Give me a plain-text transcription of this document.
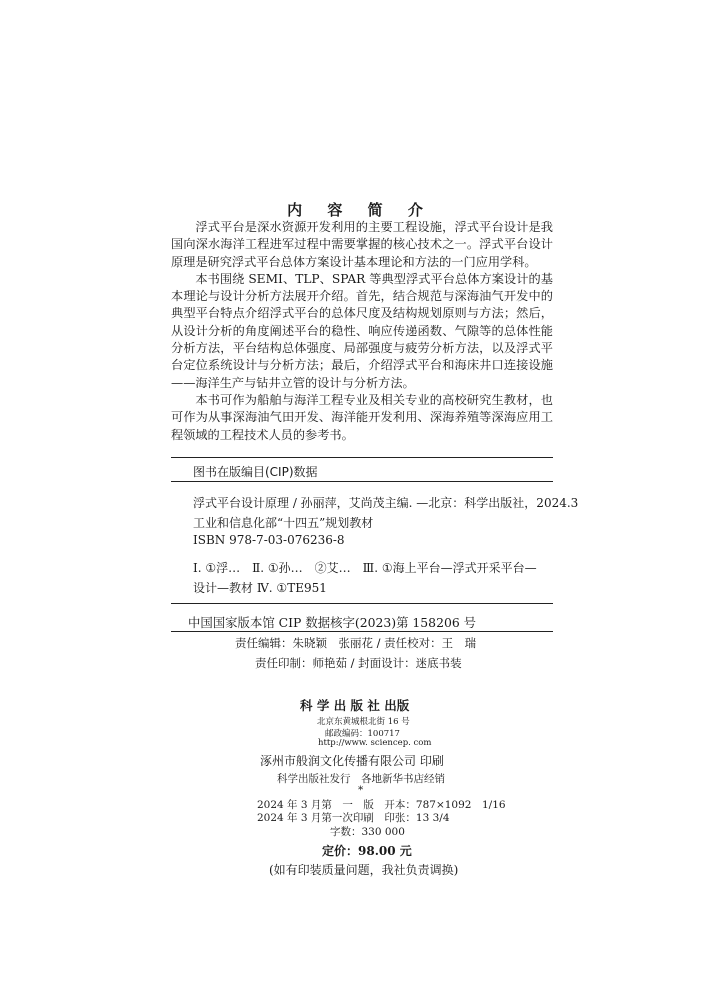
内 容 简 介

浮式平台是深水资源开发利用的主要工程设施，浮式平台设计是我国向深水海洋工程进军过程中需要掌握的核心技术之一。浮式平台设计原理是研究浮式平台总体方案设计基本理论和方法的一门应用学科。

本书围绕 SEMI、TLP、SPAR 等典型浮式平台总体方案设计的基本理论与设计分析方法展开介绍。首先，结合规范与深海油气开发中的典型平台特点介绍浮式平台的总体尺度及结构规划原则与方法；然后，从设计分析的角度阐述平台的稳性、响应传递函数、气隙等的总体性能分析方法，平台结构总体强度、局部强度与疲劳分析方法，以及浮式平台定位系统设计与分析方法；最后，介绍浮式平台和海床井口连接设施——海洋生产与钻井立管的设计与分析方法。

本书可作为船舶与海洋工程专业及相关专业的高校研究生教材，也可作为从事深海油气田开发、海洋能开发利用、深海养殖等深海应用工程领域的工程技术人员的参考书。

图书在版编目(CIP)数据
浮式平台设计原理 / 孙丽萍，艾尚茂主编. —北京：科学出版社，2024.3
工业和信息化部“十四五”规划教材
ISBN 978-7-03-076236-8
Ⅰ. ①浮…　Ⅱ. ①孙…　②艾…　Ⅲ. ①海上平台—浮式开采平台—
设计—教材 Ⅳ. ①TE951
中国国家版本馆 CIP 数据核字(2023)第 158206 号
责任编辑：朱晓颖　张丽花 / 责任校对：王　瑞
责任印制：师艳茹 / 封面设计：迷底书装
科 学 出 版 社 出版
北京东黄城根北街 16 号
邮政编码：100717
http://www. sciencep. com
涿州市般润文化传播有限公司 印刷
科学出版社发行　各地新华书店经销
*
2024 年 3 月第　一　版　开本：787×1092　1/16
2024 年 3 月第一次印刷　印张：13 3/4
字数：330 000
定价：98.00 元
(如有印装质量问题，我社负责调换)
